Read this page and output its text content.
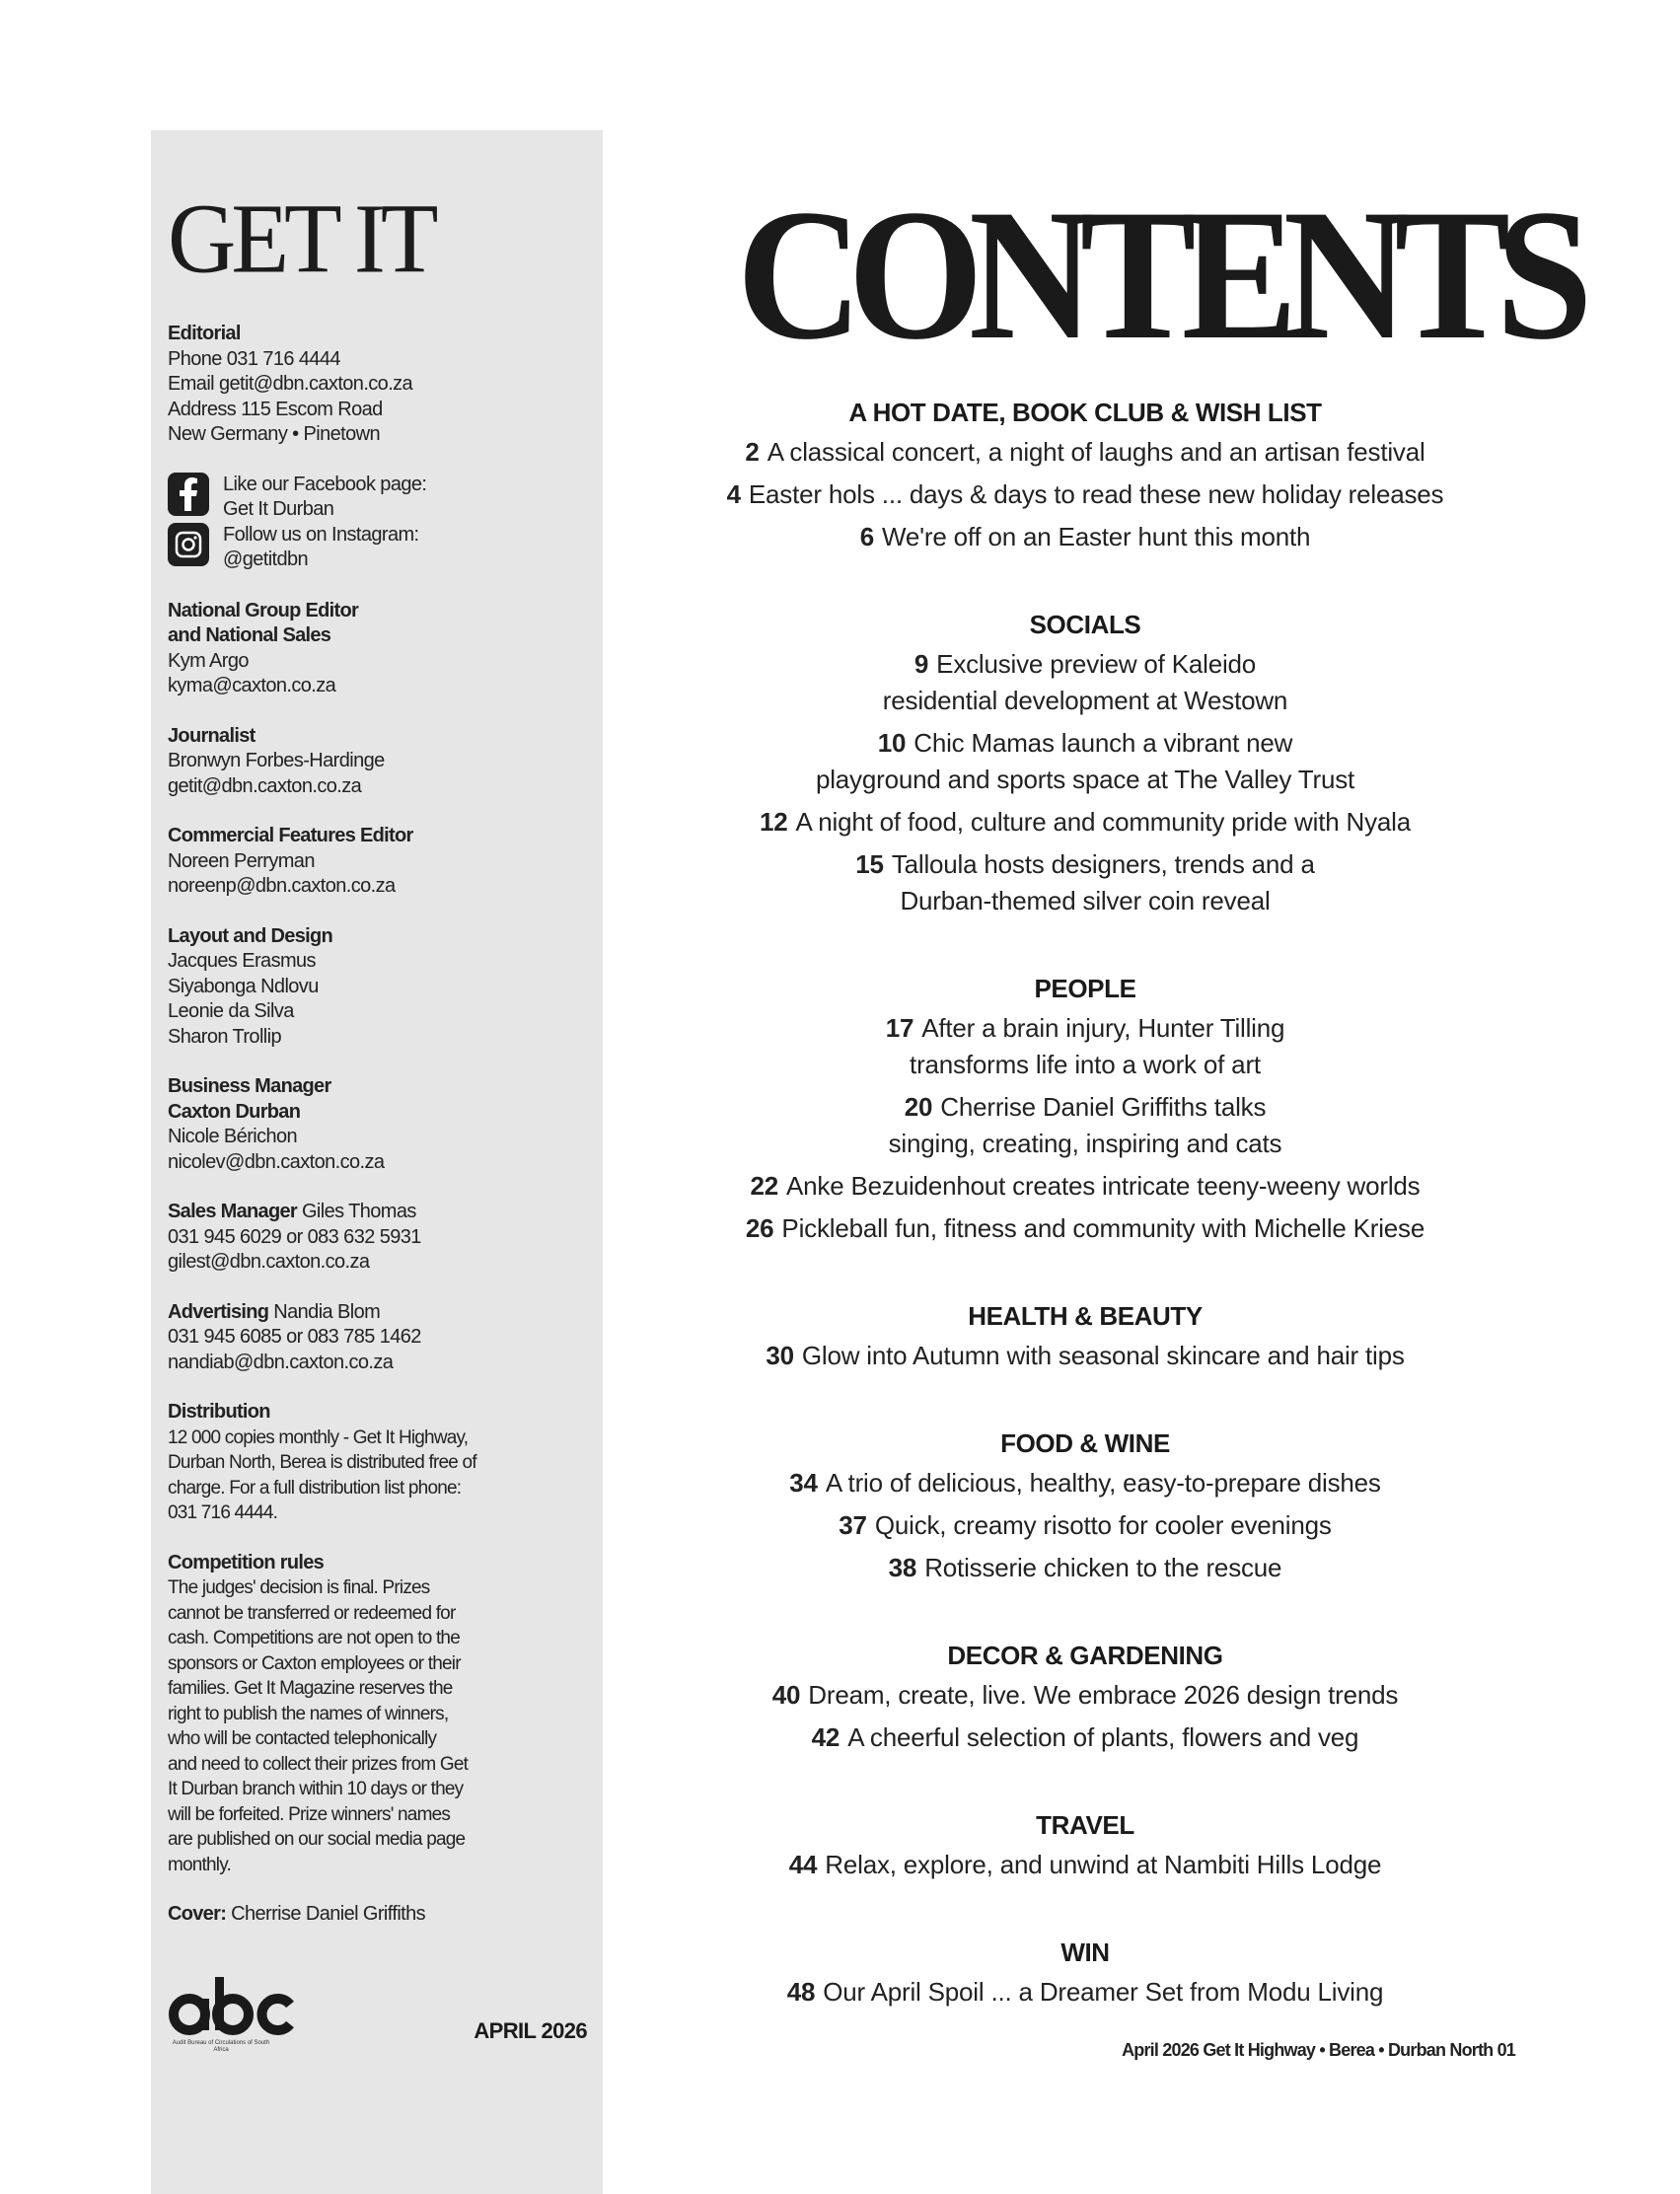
GET IT
Editorial
Phone 031 716 4444
Email getit@dbn.caxton.co.za
Address 115 Escom Road
New Germany • Pinetown
Like our Facebook page:
Get It Durban
Follow us on Instagram:
@getitdbn
National Group Editor
and National Sales
Kym Argo
kyma@caxton.co.za
Journalist
Bronwyn Forbes-Hardinge
getit@dbn.caxton.co.za
Commercial Features Editor
Noreen Perryman
noreenp@dbn.caxton.co.za
Layout and Design
Jacques Erasmus
Siyabonga Ndlovu
Leonie da Silva
Sharon Trollip
Business Manager
Caxton Durban
Nicole Bérichon
nicolev@dbn.caxton.co.za
Sales Manager Giles Thomas
031 945 6029 or 083 632 5931
gilest@dbn.caxton.co.za
Advertising Nandia Blom
031 945 6085 or 083 785 1462
nandiab@dbn.caxton.co.za
Distribution

12 000 copies monthly - Get It Highway,
Durban North, Berea is distributed free of
charge. For a full distribution list phone:
031 716 4444.
Competition rules

The judges' decision is final. Prizes
cannot be transferred or redeemed for
cash. Competitions are not open to the
sponsors or Caxton employees or their
families. Get It Magazine reserves the
right to publish the names of winners,
who will be contacted telephonically
and need to collect their prizes from Get
It Durban branch within 10 days or they
will be forfeited. Prize winners' names
are published on our social media page
monthly.

Cover: Cherrise Daniel Griffiths
Audit Bureau of Circulations of South Africa
APRIL 2026
CONTENTS
A HOT DATE, BOOK CLUB & WISH LIST
2 A classical concert, a night of laughs and an artisan festival
4 Easter hols ... days & days to read these new holiday releases
6 We're off on an Easter hunt this month
SOCIALS
9 Exclusive preview of Kaleido
residential development at Westown
10 Chic Mamas launch a vibrant new
playground and sports space at The Valley Trust
12 A night of food, culture and community pride with Nyala
15 Talloula hosts designers, trends and a
Durban-themed silver coin reveal
PEOPLE
17 After a brain injury, Hunter Tilling
transforms life into a work of art
20 Cherrise Daniel Griffiths talks
singing, creating, inspiring and cats
22 Anke Bezuidenhout creates intricate teeny-weeny worlds
26 Pickleball fun, fitness and community with Michelle Kriese
HEALTH & BEAUTY
30 Glow into Autumn with seasonal skincare and hair tips
FOOD & WINE
34 A trio of delicious, healthy, easy-to-prepare dishes
37 Quick, creamy risotto for cooler evenings
38 Rotisserie chicken to the rescue
DECOR & GARDENING
40 Dream, create, live. We embrace 2026 design trends
42 A cheerful selection of plants, flowers and veg
TRAVEL
44 Relax, explore, and unwind at Nambiti Hills Lodge
WIN
48 Our April Spoil ... a Dreamer Set from Modu Living
April 2026 Get It Highway • Berea • Durban North 01
